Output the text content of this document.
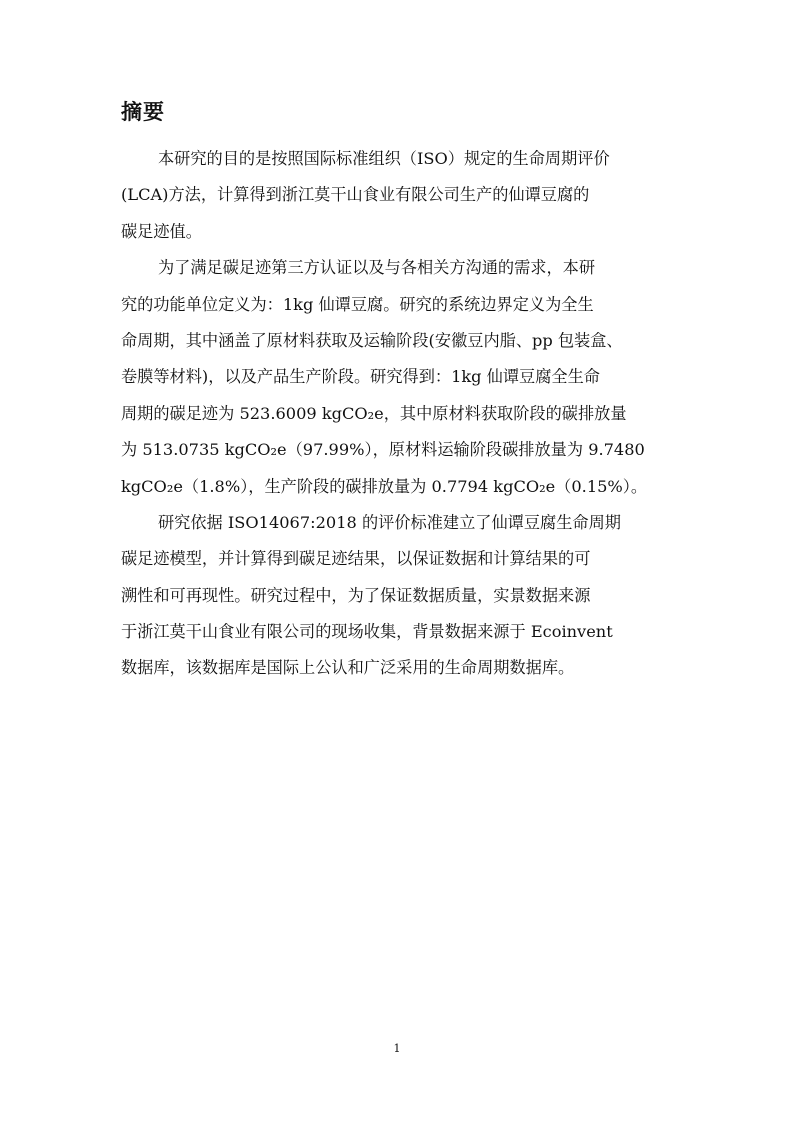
摘要

本研究的目的是按照国际标准组织（ISO）规定的生命周期评价

(LCA)方法，计算得到浙江莫干山食业有限公司生产的仙谭豆腐的

碳足迹值。

为了满足碳足迹第三方认证以及与各相关方沟通的需求，本研

究的功能单位定义为：1kg 仙谭豆腐。研究的系统边界定义为全生

命周期，其中涵盖了原材料获取及运输阶段(安徽豆内脂、pp 包装盒、

卷膜等材料)，以及产品生产阶段。研究得到：1kg 仙谭豆腐全生命

周期的碳足迹为 523.6009 kgCO₂e，其中原材料获取阶段的碳排放量

为 513.0735 kgCO₂e（97.99%），原材料运输阶段碳排放量为 9.7480

kgCO₂e（1.8%），生产阶段的碳排放量为 0.7794 kgCO₂e（0.15%）。

研究依据 ISO14067:2018 的评价标准建立了仙谭豆腐生命周期

碳足迹模型，并计算得到碳足迹结果，以保证数据和计算结果的可

溯性和可再现性。研究过程中，为了保证数据质量，实景数据来源

于浙江莫干山食业有限公司的现场收集，背景数据来源于 Ecoinvent

数据库，该数据库是国际上公认和广泛采用的生命周期数据库。

1
